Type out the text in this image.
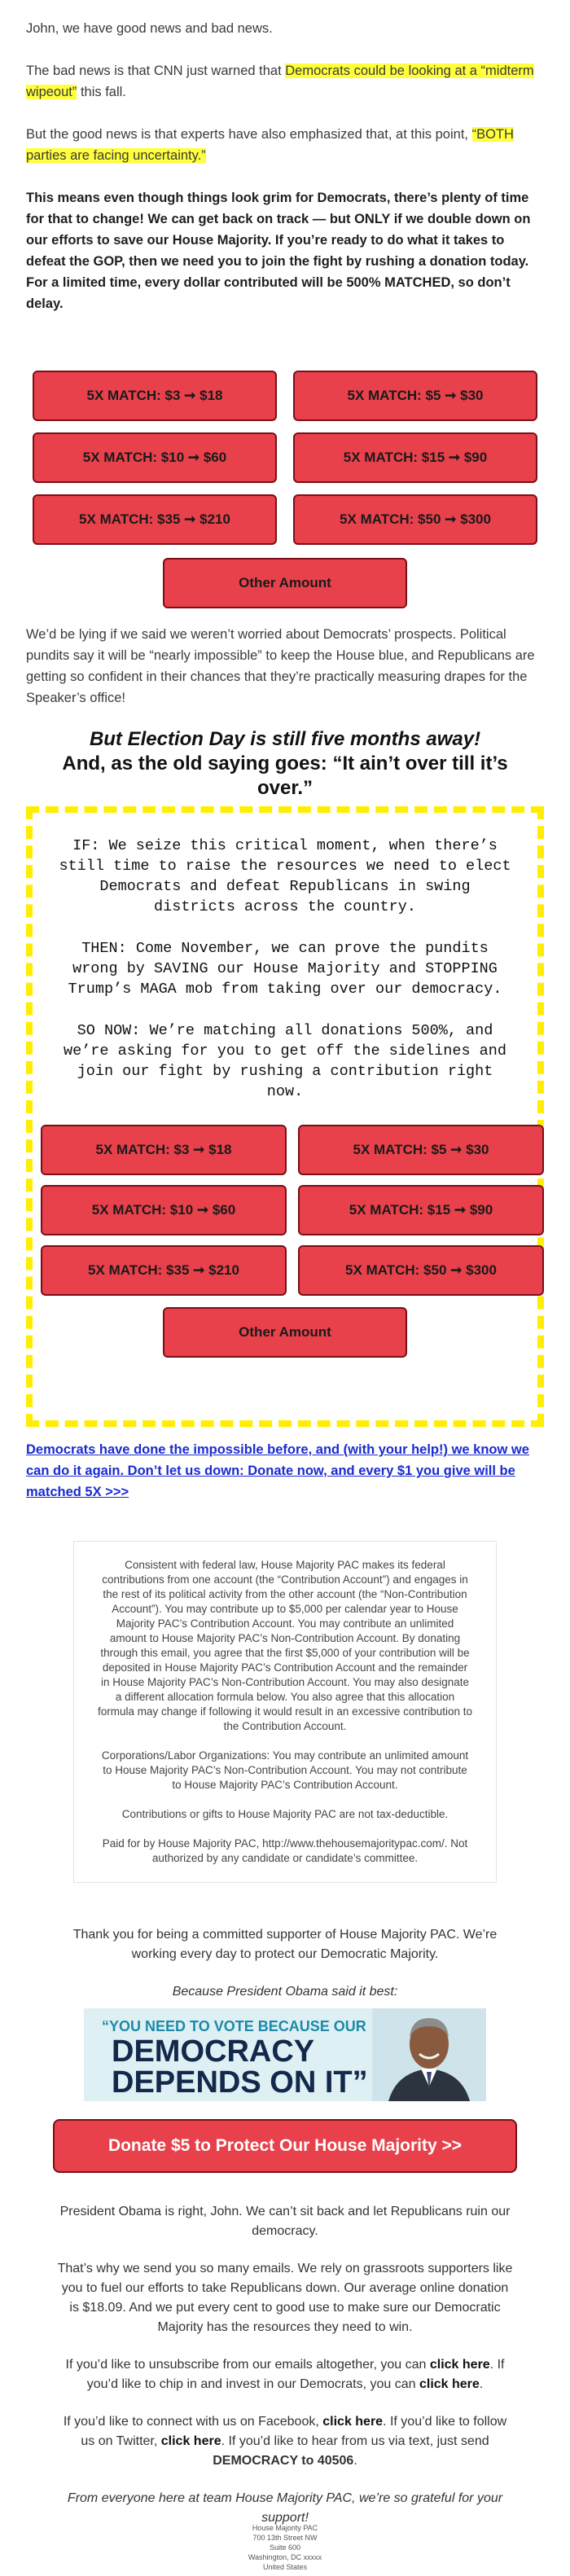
John, we have good news and bad news.

The bad news is that CNN just warned that Democrats could be looking at a “midterm wipeout” this fall.

But the good news is that experts have also emphasized that, at this point, “BOTH parties are facing uncertainty.”

This means even though things look grim for Democrats, there’s plenty of time for that to change! We can get back on track — but ONLY if we double down on our efforts to save our House Majority. If you’re ready to do what it takes to defeat the GOP, then we need you to join the fight by rushing a donation today. For a limited time, every dollar contributed will be 500% MATCHED, so don’t delay.

5X MATCH: $3 ➞ $18	5X MATCH: $5 ➞ $30
5X MATCH: $10 ➞ $60	5X MATCH: $15 ➞ $90
5X MATCH: $35 ➞ $210	5X MATCH: $50 ➞ $300
Other Amount

We’d be lying if we said we weren’t worried about Democrats’ prospects. Political pundits say it will be “nearly impossible” to keep the House blue, and Republicans are getting so confident in their chances that they’re practically measuring drapes for the Speaker’s office!

But Election Day is still five months away!
And, as the old saying goes: “It ain’t over till it’s over.”

IF: We seize this critical moment, when there’s still time to raise the resources we need to elect Democrats and defeat Republicans in swing districts across the country.

THEN: Come November, we can prove the pundits wrong by SAVING our House Majority and STOPPING Trump’s MAGA mob from taking over our democracy.

SO NOW: We’re matching all donations 500%, and we’re asking for you to get off the sidelines and join our fight by rushing a contribution right now.

5X MATCH: $3 ➞ $18	5X MATCH: $5 ➞ $30
5X MATCH: $10 ➞ $60	5X MATCH: $15 ➞ $90
5X MATCH: $35 ➞ $210	5X MATCH: $50 ➞ $300
Other Amount
Democrats have done the impossible before, and (with your help!) we know we can do it again. Don’t let us down: Donate now, and every $1 you give will be matched 5X >>>

Consistent with federal law, House Majority PAC makes its federal contributions from one account (the “Contribution Account”) and engages in the rest of its political activity from the other account (the “Non-Contribution Account”). You may contribute up to $5,000 per calendar year to House Majority PAC’s Contribution Account. You may contribute an unlimited amount to House Majority PAC’s Non-Contribution Account. By donating through this email, you agree that the first $5,000 of your contribution will be deposited in House Majority PAC’s Contribution Account and the remainder in House Majority PAC’s Non-Contribution Account. You may also designate a different allocation formula below. You also agree that this allocation formula may change if following it would result in an excessive contribution to the Contribution Account.

Corporations/Labor Organizations: You may contribute an unlimited amount to House Majority PAC’s Non-Contribution Account. You may not contribute to House Majority PAC’s Contribution Account.

Contributions or gifts to House Majority PAC are not tax-deductible.

Paid for by House Majority PAC, http://www.thehousemajoritypac.com/. Not authorized by any candidate or candidate’s committee.

Thank you for being a committed supporter of House Majority PAC. We’re working every day to protect our Democratic Majority.

Because President Obama said it best:

“YOU NEED TO VOTE BECAUSE OUR
DEMOCRACY
DEPENDS ON IT”
Donate $5 to Protect Our House Majority >>

President Obama is right, John. We can’t sit back and let Republicans ruin our democracy.

That’s why we send you so many emails. We rely on grassroots supporters like you to fuel our efforts to take Republicans down. Our average online donation is $18.09. And we put every cent to good use to make sure our Democratic Majority has the resources they need to win.

If you’d like to unsubscribe from our emails altogether, you can click here. If you’d like to chip in and invest in our Democrats, you can click here.

If you’d like to connect with us on Facebook, click here. If you’d like to follow us on Twitter, click here. If you’d like to hear from us via text, just send DEMOCRACY to 40506.

From everyone here at team House Majority PAC, we’re so grateful for your support!

House Majority PAC

700 13th Street NW

Suite 600

Washington, DC xxxxx

United States
